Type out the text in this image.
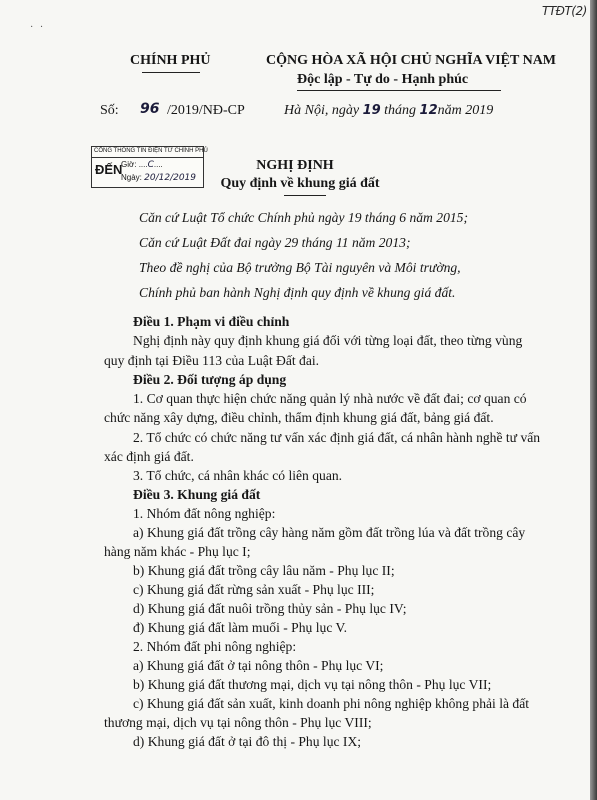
TTĐT(2)
· ·
CHÍNH PHỦ	CỘNG HÒA XÃ HỘI CHỦ NGHĨA VIỆT NAM
Độc lập - Tự do - Hạnh phúc
Số: 96 /2019/NĐ-CP	Hà Nội, ngày 19 tháng 12năm 2019
CỔNG THÔNG TIN ĐIỆN TỬ CHÍNH PHỦ
ĐẾN
Giờ: ....C....
Ngày: 20/12/2019
NGHỊ ĐỊNH
Quy định về khung giá đất
Căn cứ Luật Tổ chức Chính phủ ngày 19 tháng 6 năm 2015;
Căn cứ Luật Đất đai ngày 29 tháng 11 năm 2013;
Theo đề nghị của Bộ trưởng Bộ Tài nguyên và Môi trường,
Chính phủ ban hành Nghị định quy định về khung giá đất.
Điều 1. Phạm vi điều chỉnh
Nghị định này quy định khung giá đối với từng loại đất, theo từng vùng
quy định tại Điều 113 của Luật Đất đai.
Điều 2. Đối tượng áp dụng
1. Cơ quan thực hiện chức năng quản lý nhà nước về đất đai; cơ quan có
chức năng xây dựng, điều chỉnh, thẩm định khung giá đất, bảng giá đất.
2. Tổ chức có chức năng tư vấn xác định giá đất, cá nhân hành nghề tư vấn
xác định giá đất.
3. Tổ chức, cá nhân khác có liên quan.
Điều 3. Khung giá đất
1. Nhóm đất nông nghiệp:
a) Khung giá đất trồng cây hàng năm gồm đất trồng lúa và đất trồng cây
hàng năm khác - Phụ lục I;
b) Khung giá đất trồng cây lâu năm - Phụ lục II;
c) Khung giá đất rừng sản xuất - Phụ lục III;
d) Khung giá đất nuôi trồng thủy sản - Phụ lục IV;
đ) Khung giá đất làm muối - Phụ lục V.
2. Nhóm đất phi nông nghiệp:
a) Khung giá đất ở tại nông thôn - Phụ lục VI;
b) Khung giá đất thương mại, dịch vụ tại nông thôn - Phụ lục VII;
c) Khung giá đất sản xuất, kinh doanh phi nông nghiệp không phải là đất
thương mại, dịch vụ tại nông thôn - Phụ lục VIII;
d) Khung giá đất ở tại đô thị - Phụ lục IX;
